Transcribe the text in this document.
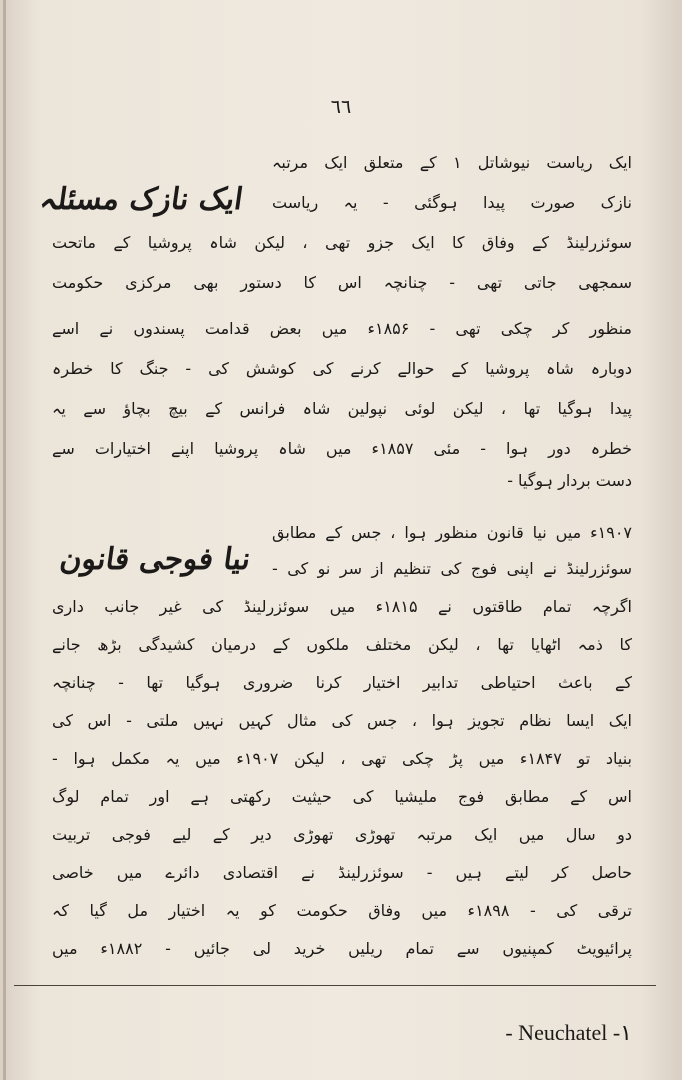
٦٦
ایک نازک مسئلہ
ایک ریاست نیوشاتل ۱ کے متعلق ایک مرتبہ
نازک صورت پیدا ہوگئی - یہ ریاست
سوئزرلینڈ کے وفاق کا ایک جزو تھی ، لیکن شاہ پروشیا کے ماتحت
سمجھی جاتی تھی - چنانچہ اس کا دستور بھی مرکزی حکومت
منظور کر چکی تھی - ۱۸۵۶ء میں بعض قدامت پسندوں نے اسے
دوبارہ شاہ پروشیا کے حوالے کرنے کی کوشش کی - جنگ کا خطرہ
پیدا ہوگیا تھا ، لیکن لوئی نپولین شاہ فرانس کے بیچ بچاؤ سے یہ
خطرہ دور ہوا - مئی ۱۸۵۷ء میں شاہ پروشیا اپنے اختیارات سے
دست بردار ہوگیا -
نیا فوجی قانون
۱۹۰۷ء میں نیا قانون منظور ہوا ، جس کے مطابق
سوئزرلینڈ نے اپنی فوج کی تنظیم از سر نو کی -
اگرچہ تمام طاقتوں نے ۱۸۱۵ء میں سوئزرلینڈ کی غیر جانب داری
کا ذمہ اٹھایا تھا ، لیکن مختلف ملکوں کے درمیان کشیدگی بڑھ جانے
کے باعث احتیاطی تدابیر اختیار کرنا ضروری ہوگیا تھا - چنانچہ
ایک ایسا نظام تجویز ہوا ، جس کی مثال کہیں نہیں ملتی - اس کی
بنیاد تو ۱۸۴۷ء میں پڑ چکی تھی ، لیکن ۱۹۰۷ء میں یہ مکمل ہوا -
اس کے مطابق فوج ملیشیا کی حیثیت رکھتی ہے اور تمام لوگ
دو سال میں ایک مرتبہ تھوڑی تھوڑی دیر کے لیے فوجی تربیت
حاصل کر لیتے ہیں - سوئزرلینڈ نے اقتصادی دائرے میں خاصی
ترقی کی - ۱۸۹۸ء میں وفاق حکومت کو یہ اختیار مل گیا کہ
پرائیویٹ کمپنیوں سے تمام ریلیں خرید لی جائیں - ۱۸۸۲ء میں
- Neuchatel -۱
